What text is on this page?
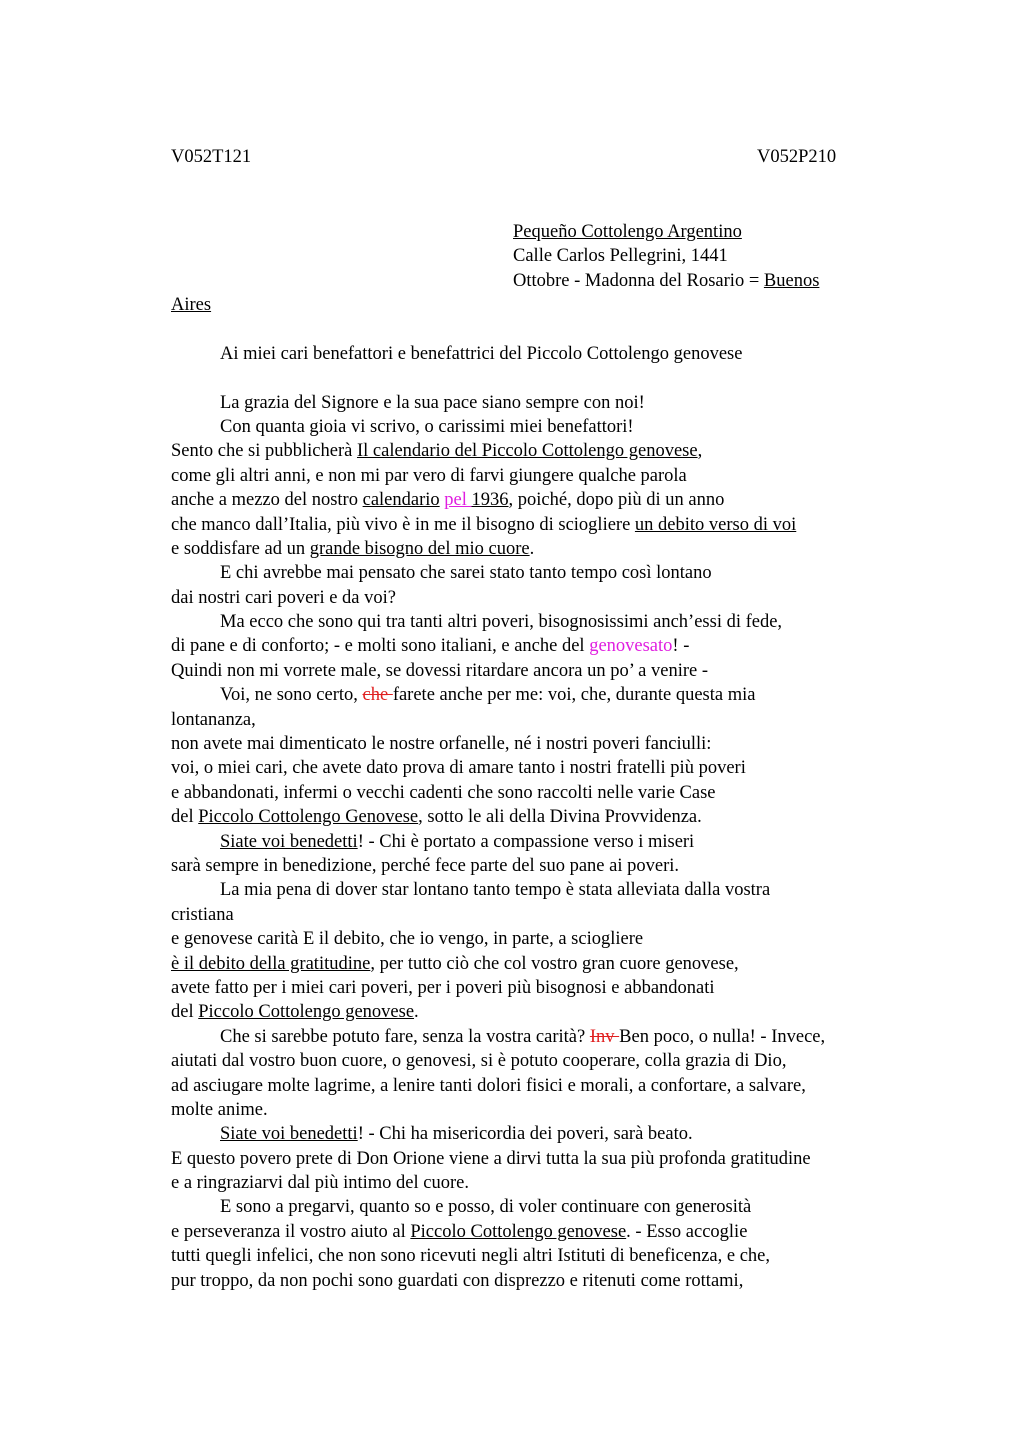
V052T121	V052P210
Pequeño Cottolengo Argentino
Calle Carlos Pellegrini, 1441
Ottobre - Madonna del Rosario = Buenos
Aires
Ai miei cari benefattori e benefattrici del Piccolo Cottolengo genovese
La grazia del Signore e la sua pace siano sempre con noi!
Con quanta gioia vi scrivo, o carissimi miei benefattori!
Sento che si pubblicherà Il calendario del Piccolo Cottolengo genovese,
come gli altri anni, e non mi par vero di farvi giungere qualche parola
anche a mezzo del nostro calendario pel 1936, poiché, dopo più di un anno
che manco dall’Italia, più vivo è in me il bisogno di sciogliere un debito verso di voi
e soddisfare ad un grande bisogno del mio cuore.
E chi avrebbe mai pensato che sarei stato tanto tempo così lontano
dai nostri cari poveri e da voi?
Ma ecco che sono qui tra tanti altri poveri, bisognosissimi anch’essi di fede,
di pane e di conforto; - e molti sono italiani, e anche del genovesato! -
Quindi non mi vorrete male, se dovessi ritardare ancora un po’ a venire -
Voi, ne sono certo, che farete anche per me: voi, che, durante questa mia
lontananza,
non avete mai dimenticato le nostre orfanelle, né i nostri poveri fanciulli:
voi, o miei cari, che avete dato prova di amare tanto i nostri fratelli più poveri
e abbandonati, infermi o vecchi cadenti che sono raccolti nelle varie Case
del Piccolo Cottolengo Genovese, sotto le ali della Divina Provvidenza.
Siate voi benedetti! - Chi è portato a compassione verso i miseri
sarà sempre in benedizione, perché fece parte del suo pane ai poveri.
La mia pena di dover star lontano tanto tempo è stata alleviata dalla vostra
cristiana
e genovese carità E il debito, che io vengo, in parte, a sciogliere
è il debito della gratitudine, per tutto ciò che col vostro gran cuore genovese,
avete fatto per i miei cari poveri, per i poveri più bisognosi e abbandonati
del Piccolo Cottolengo genovese.
Che si sarebbe potuto fare, senza la vostra carità? Inv Ben poco, o nulla! - Invece,
aiutati dal vostro buon cuore, o genovesi, si è potuto cooperare, colla grazia di Dio,
ad asciugare molte lagrime, a lenire tanti dolori fisici e morali, a confortare, a salvare,
molte anime.
Siate voi benedetti! - Chi ha misericordia dei poveri, sarà beato.
E questo povero prete di Don Orione viene a dirvi tutta la sua più profonda gratitudine
e a ringraziarvi dal più intimo del cuore.
E sono a pregarvi, quanto so e posso, di voler continuare con generosità
e perseveranza il vostro aiuto al Piccolo Cottolengo genovese. - Esso accoglie
tutti quegli infelici, che non sono ricevuti negli altri Istituti di beneficenza, e che,
pur troppo, da non pochi sono guardati con disprezzo e ritenuti come rottami,
